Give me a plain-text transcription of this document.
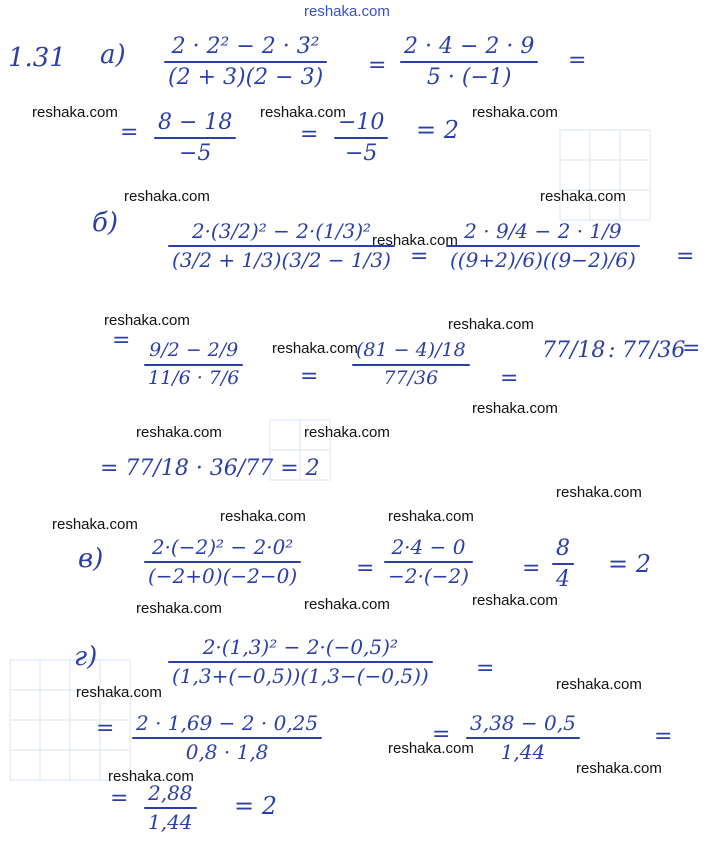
reshaka.com
1.31 а) 2 · 2² − 2 · 3²
(2 + 3)(2 − 3) =
2 · 4 − 2 · 9
5 · (−1)
=
= 8 − 18
−5
= −10
−5
= 2
б)	2·(3/2)² − 2·(1/3)²
(3/2 + 1/3)(3/2 − 1/3) =
2 · 9/4 − 2 · 1/9
((9+2)/6)((9−2)/6) =
= 9/2 − 2/9
11/6 · 7/6	=
(81 − 4)/18
77/36	=
77/18 : 77/36
=
= 77/18 · 36/77 = 2
в) 2·(−2)² − 2·0²
(−2+0)(−2−0)	=
2·4 − 0
−2·(−2) =
8
4
= 2
г)	2·(1,3)² − 2·(−0,5)²
(1,3+(−0,5))(1,3−(−0,5)) =
= 2 · 1,69 − 2 · 0,25
0,8 · 1,8
= 3,38 − 0,5
1,44
=
= 2,88
1,44
= 2
reshaka.com	reshaka.com	reshaka.com
reshaka.com	reshaka.com
reshaka.com
reshaka.com	reshaka.com
reshaka.com
reshaka.com
reshaka.com	reshaka.com
reshaka.com
reshaka.com	reshaka.com	reshaka.com
reshaka.com	reshaka.com	reshaka.com
reshaka.com	reshaka.com
reshaka.com
reshaka.com	reshaka.com
